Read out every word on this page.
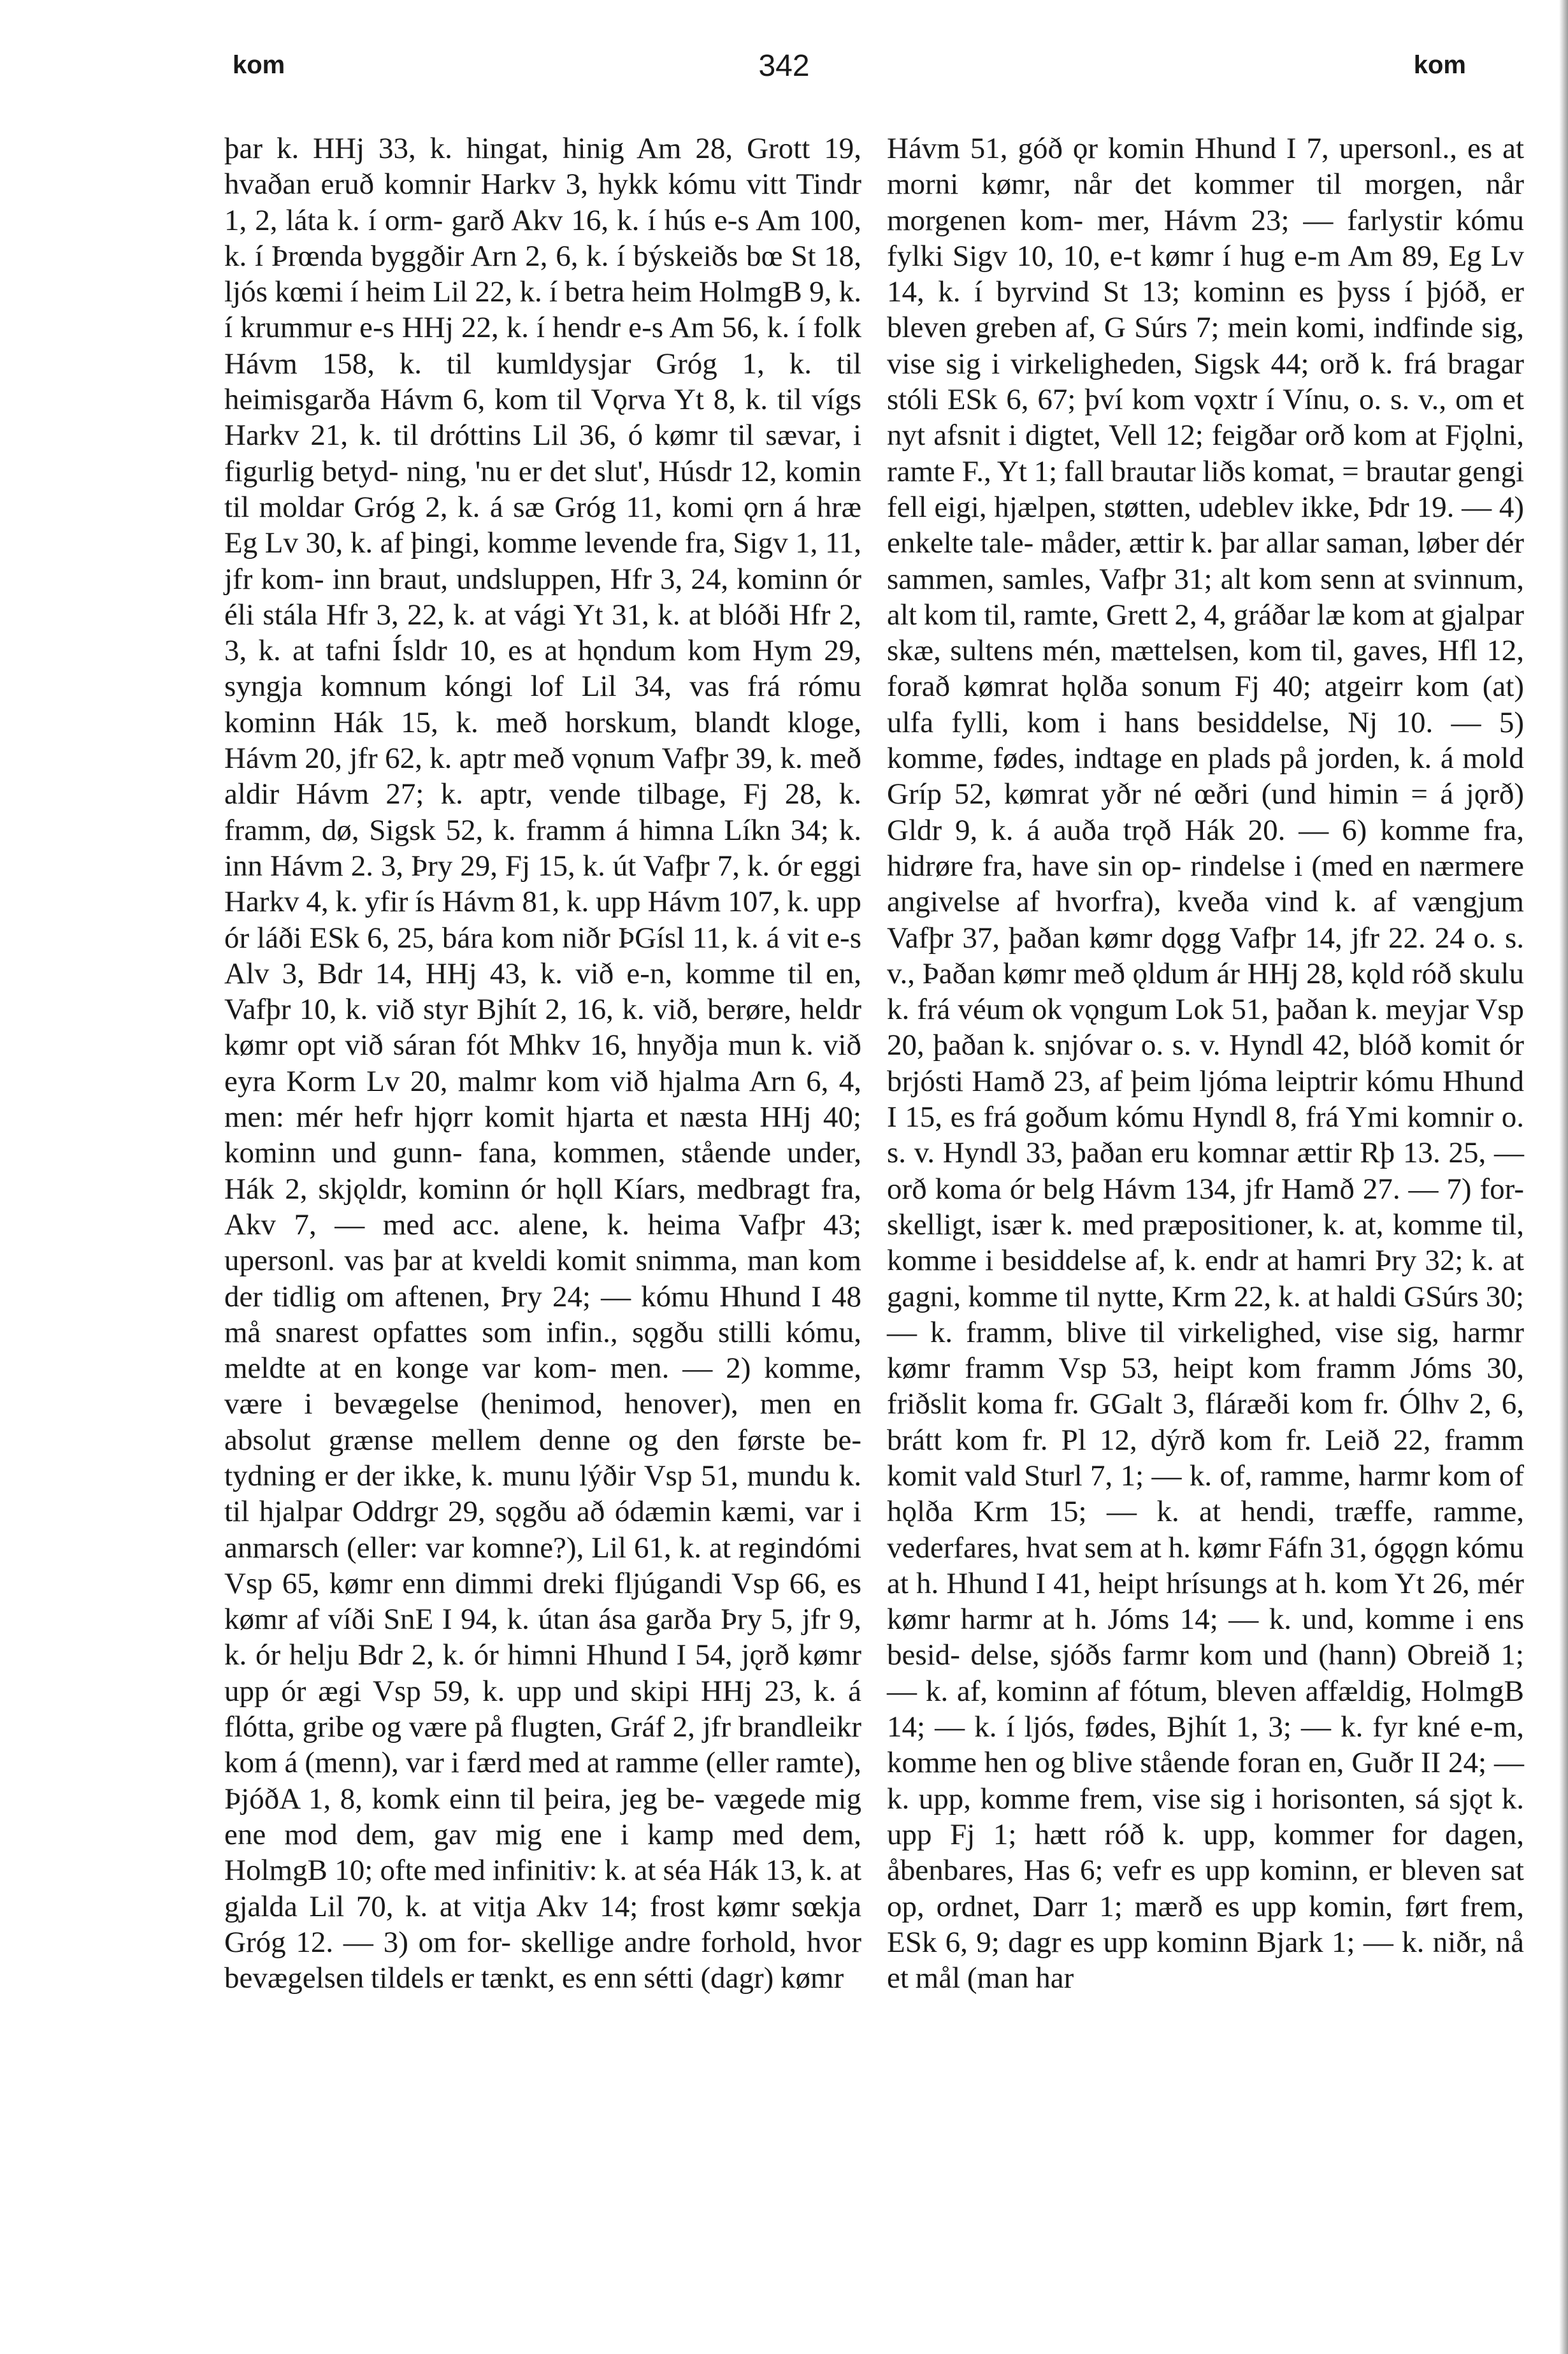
kom	342	kom

þar k. HHj 33, k. hingat, hinig Am 28, Grott 19, hvaðan eruð komnir Harkv 3, hykk kómu vitt Tindr 1, 2, láta k. í orm- garð Akv 16, k. í hús e-s Am 100, k. í Þrœnda byggðir Arn 2, 6, k. í býskeiðs bœ St 18, ljós kœmi í heim Lil 22, k. í betra heim HolmgB 9, k. í krummur e-s HHj 22, k. í hendr e-s Am 56, k. í folk Hávm 158, k. til kumldysjar Gróg 1, k. til heimisgarða Hávm 6, kom til Vǫrva Yt 8, k. til vígs Harkv 21, k. til dróttins Lil 36, ó kømr til sævar, i figurlig betyd- ning, 'nu er det slut', Húsdr 12, komin til moldar Gróg 2, k. á sæ Gróg 11, komi ǫrn á hræ Eg Lv 30, k. af þingi, komme levende fra, Sigv 1, 11, jfr kom- inn braut, undsluppen, Hfr 3, 24, kominn ór éli stála Hfr 3, 22, k. at vági Yt 31, k. at blóði Hfr 2, 3, k. at tafni Ísldr 10, es at hǫndum kom Hym 29, syngja komnum kóngi lof Lil 34, vas frá rómu kominn Hák 15, k. með horskum, blandt kloge, Hávm 20, jfr 62, k. aptr með vǫnum Vafþr 39, k. með aldir Hávm 27; k. aptr, vende tilbage, Fj 28, k. framm, dø, Sigsk 52, k. framm á himna Líkn 34; k. inn Hávm 2. 3, Þry 29, Fj 15, k. út Vafþr 7, k. ór eggi Harkv 4, k. yfir ís Hávm 81, k. upp Hávm 107, k. upp ór láði ESk 6, 25, bára kom niðr ÞGísl 11, k. á vit e-s Alv 3, Bdr 14, HHj 43, k. við e-n, komme til en, Vafþr 10, k. við styr Bjhít 2, 16, k. við, berøre, heldr kømr opt við sáran fót Mhkv 16, hnyðja mun k. við eyra Korm Lv 20, malmr kom við hjalma Arn 6, 4, men: mér hefr hjǫrr komit hjarta et næsta HHj 40; kominn und gunn- fana, kommen, stående under, Hák 2, skjǫldr, kominn ór hǫll Kíars, medbragt fra, Akv 7, — med acc. alene, k. heima Vafþr 43; upersonl. vas þar at kveldi komit snimma, man kom der tidlig om aftenen, Þry 24; — kómu Hhund I 48 må snarest opfattes som infin., sǫgðu stilli kómu, meldte at en konge var kom- men. — 2) komme, være i bevægelse (henimod, henover), men en absolut grænse mellem denne og den første be- tydning er der ikke, k. munu lýðir Vsp 51, mundu k. til hjalpar Oddrgr 29, sǫgðu að ódæmin kæmi, var i anmarsch (eller: var komne?), Lil 61, k. at regindómi Vsp 65, kømr enn dimmi dreki fljúgandi Vsp 66, es kømr af víði SnE I 94, k. útan ása garða Þry 5, jfr 9, k. ór helju Bdr 2, k. ór himni Hhund I 54, jǫrð kømr upp ór ægi Vsp 59, k. upp und skipi HHj 23, k. á flótta, gribe og være på flugten, Gráf 2, jfr brandleikr kom á (menn), var i færd med at ramme (eller ramte), ÞjóðA 1, 8, komk einn til þeira, jeg be- vægede mig ene mod dem, gav mig ene i kamp med dem, HolmgB 10; ofte med infinitiv: k. at séa Hák 13, k. at gjalda Lil 70, k. at vitja Akv 14; frost kømr sœkja Gróg 12. — 3) om for- skellige andre forhold, hvor bevægelsen tildels er tænkt, es enn sétti (dagr) kømr

Hávm 51, góð ǫr komin Hhund I 7, upersonl., es at morni kømr, når det kommer til morgen, når morgenen kom- mer, Hávm 23; — farlystir kómu fylki Sigv 10, 10, e-t kømr í hug e-m Am 89, Eg Lv 14, k. í byrvind St 13; kominn es þyss í þjóð, er bleven greben af, G Súrs 7; mein komi, indfinde sig, vise sig i virkeligheden, Sigsk 44; orð k. frá bragar stóli ESk 6, 67; því kom vǫxtr í Vínu, o. s. v., om et nyt afsnit i digtet, Vell 12; feigðar orð kom at Fjǫlni, ramte F., Yt 1; fall brautar liðs komat, = brautar gengi fell eigi, hjælpen, støtten, udeblev ikke, Þdr 19. — 4) enkelte tale- måder, ættir k. þar allar saman, løber dér sammen, samles, Vafþr 31; alt kom senn at svinnum, alt kom til, ramte, Grett 2, 4, gráðar læ kom at gjalpar skæ, sultens mén, mættelsen, kom til, gaves, Hfl 12, forað kømrat hǫlða sonum Fj 40; atgeirr kom (at) ulfa fylli, kom i hans besiddelse, Nj 10. — 5) komme, fødes, indtage en plads på jorden, k. á mold Gríp 52, kømrat yðr né œðri (und himin = á jǫrð) Gldr 9, k. á auða trǫð Hák 20. — 6) komme fra, hidrøre fra, have sin op- rindelse i (med en nærmere angivelse af hvorfra), kveða vind k. af vængjum Vafþr 37, þaðan kømr dǫgg Vafþr 14, jfr 22. 24 o. s. v., Þaðan kømr með ǫldum ár HHj 28, kǫld róð skulu k. frá véum ok vǫngum Lok 51, þaðan k. meyjar Vsp 20, þaðan k. snjóvar o. s. v. Hyndl 42, blóð komit ór brjósti Hamð 23, af þeim ljóma leiptrir kómu Hhund I 15, es frá goðum kómu Hyndl 8, frá Ymi komnir o. s. v. Hyndl 33, þaðan eru komnar ættir Rþ 13. 25, — orð koma ór belg Hávm 134, jfr Hamð 27. — 7) for- skelligt, især k. med præpositioner, k. at, komme til, komme i besiddelse af, k. endr at hamri Þry 32; k. at gagni, komme til nytte, Krm 22, k. at haldi GSúrs 30; — k. framm, blive til virkelighed, vise sig, harmr kømr framm Vsp 53, heipt kom framm Jóms 30, friðslit koma fr. GGalt 3, fláræði kom fr. Ólhv 2, 6, brátt kom fr. Pl 12, dýrð kom fr. Leið 22, framm komit vald Sturl 7, 1; — k. of, ramme, harmr kom of hǫlða Krm 15; — k. at hendi, træffe, ramme, vederfares, hvat sem at h. kømr Fáfn 31, ógǫgn kómu at h. Hhund I 41, heipt hrísungs at h. kom Yt 26, mér kømr harmr at h. Jóms 14; — k. und, komme i ens besid- delse, sjóðs farmr kom und (hann) Obreið 1; — k. af, kominn af fótum, bleven affældig, HolmgB 14; — k. í ljós, fødes, Bjhít 1, 3; — k. fyr kné e-m, komme hen og blive stående foran en, Guðr II 24; — k. upp, komme frem, vise sig i horisonten, sá sjǫt k. upp Fj 1; hætt róð k. upp, kommer for dagen, åbenbares, Has 6; vefr es upp kominn, er bleven sat op, ordnet, Darr 1; mærð es upp komin, ført frem, ESk 6, 9; dagr es upp kominn Bjark 1; — k. niðr, nå et mål (man har
